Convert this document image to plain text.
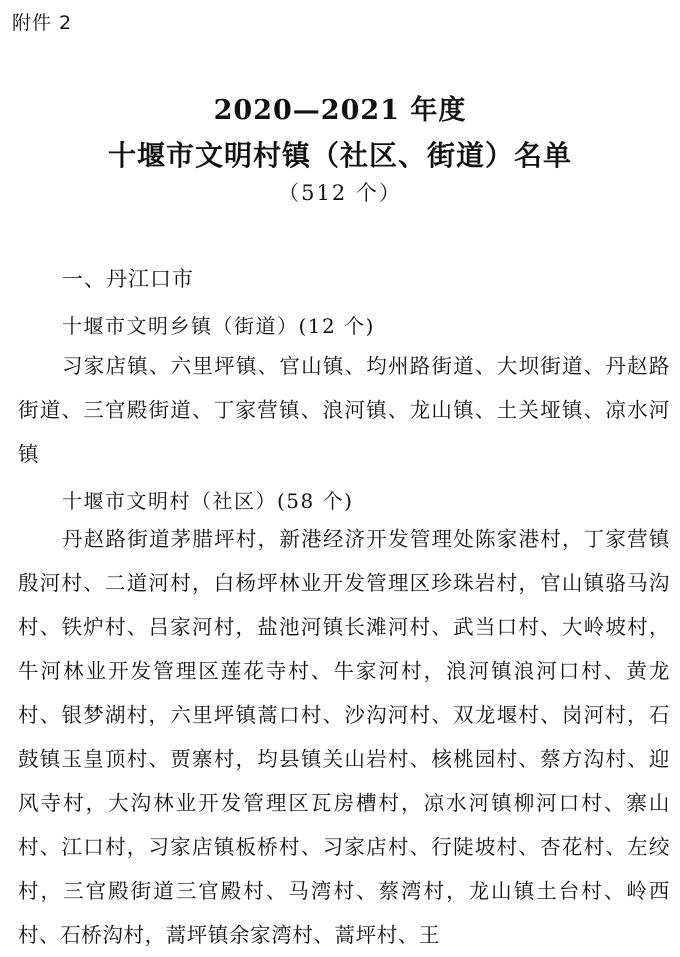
附件 2
2020—2021 年度
十堰市文明村镇（社区、街道）名单
（512 个）
一、丹江口市
十堰市文明乡镇（街道）(12 个)
习家店镇、六里坪镇、官山镇、均州路街道、大坝街道、丹赵路街道、三官殿街道、丁家营镇、浪河镇、龙山镇、土关垭镇、凉水河镇
十堰市文明村（社区）(58 个)
丹赵路街道茅腊坪村，新港经济开发管理处陈家港村，丁家营镇殷河村、二道河村，白杨坪林业开发管理区珍珠岩村，官山镇骆马沟村、铁炉村、吕家河村，盐池河镇长滩河村、武当口村、大岭坡村，牛河林业开发管理区莲花寺村、牛家河村，浪河镇浪河口村、黄龙村、银梦湖村，六里坪镇蒿口村、沙沟河村、双龙堰村、岗河村，石鼓镇玉皇顶村、贾寨村，均县镇关山岩村、核桃园村、蔡方沟村、迎风寺村，大沟林业开发管理区瓦房槽村，凉水河镇柳河口村、寨山村、江口村，习家店镇板桥村、习家店村、行陡坡村、杏花村、左绞村，三官殿街道三官殿村、马湾村、蔡湾村，龙山镇土台村、岭西村、石桥沟村，蒿坪镇余家湾村、蒿坪村、王
